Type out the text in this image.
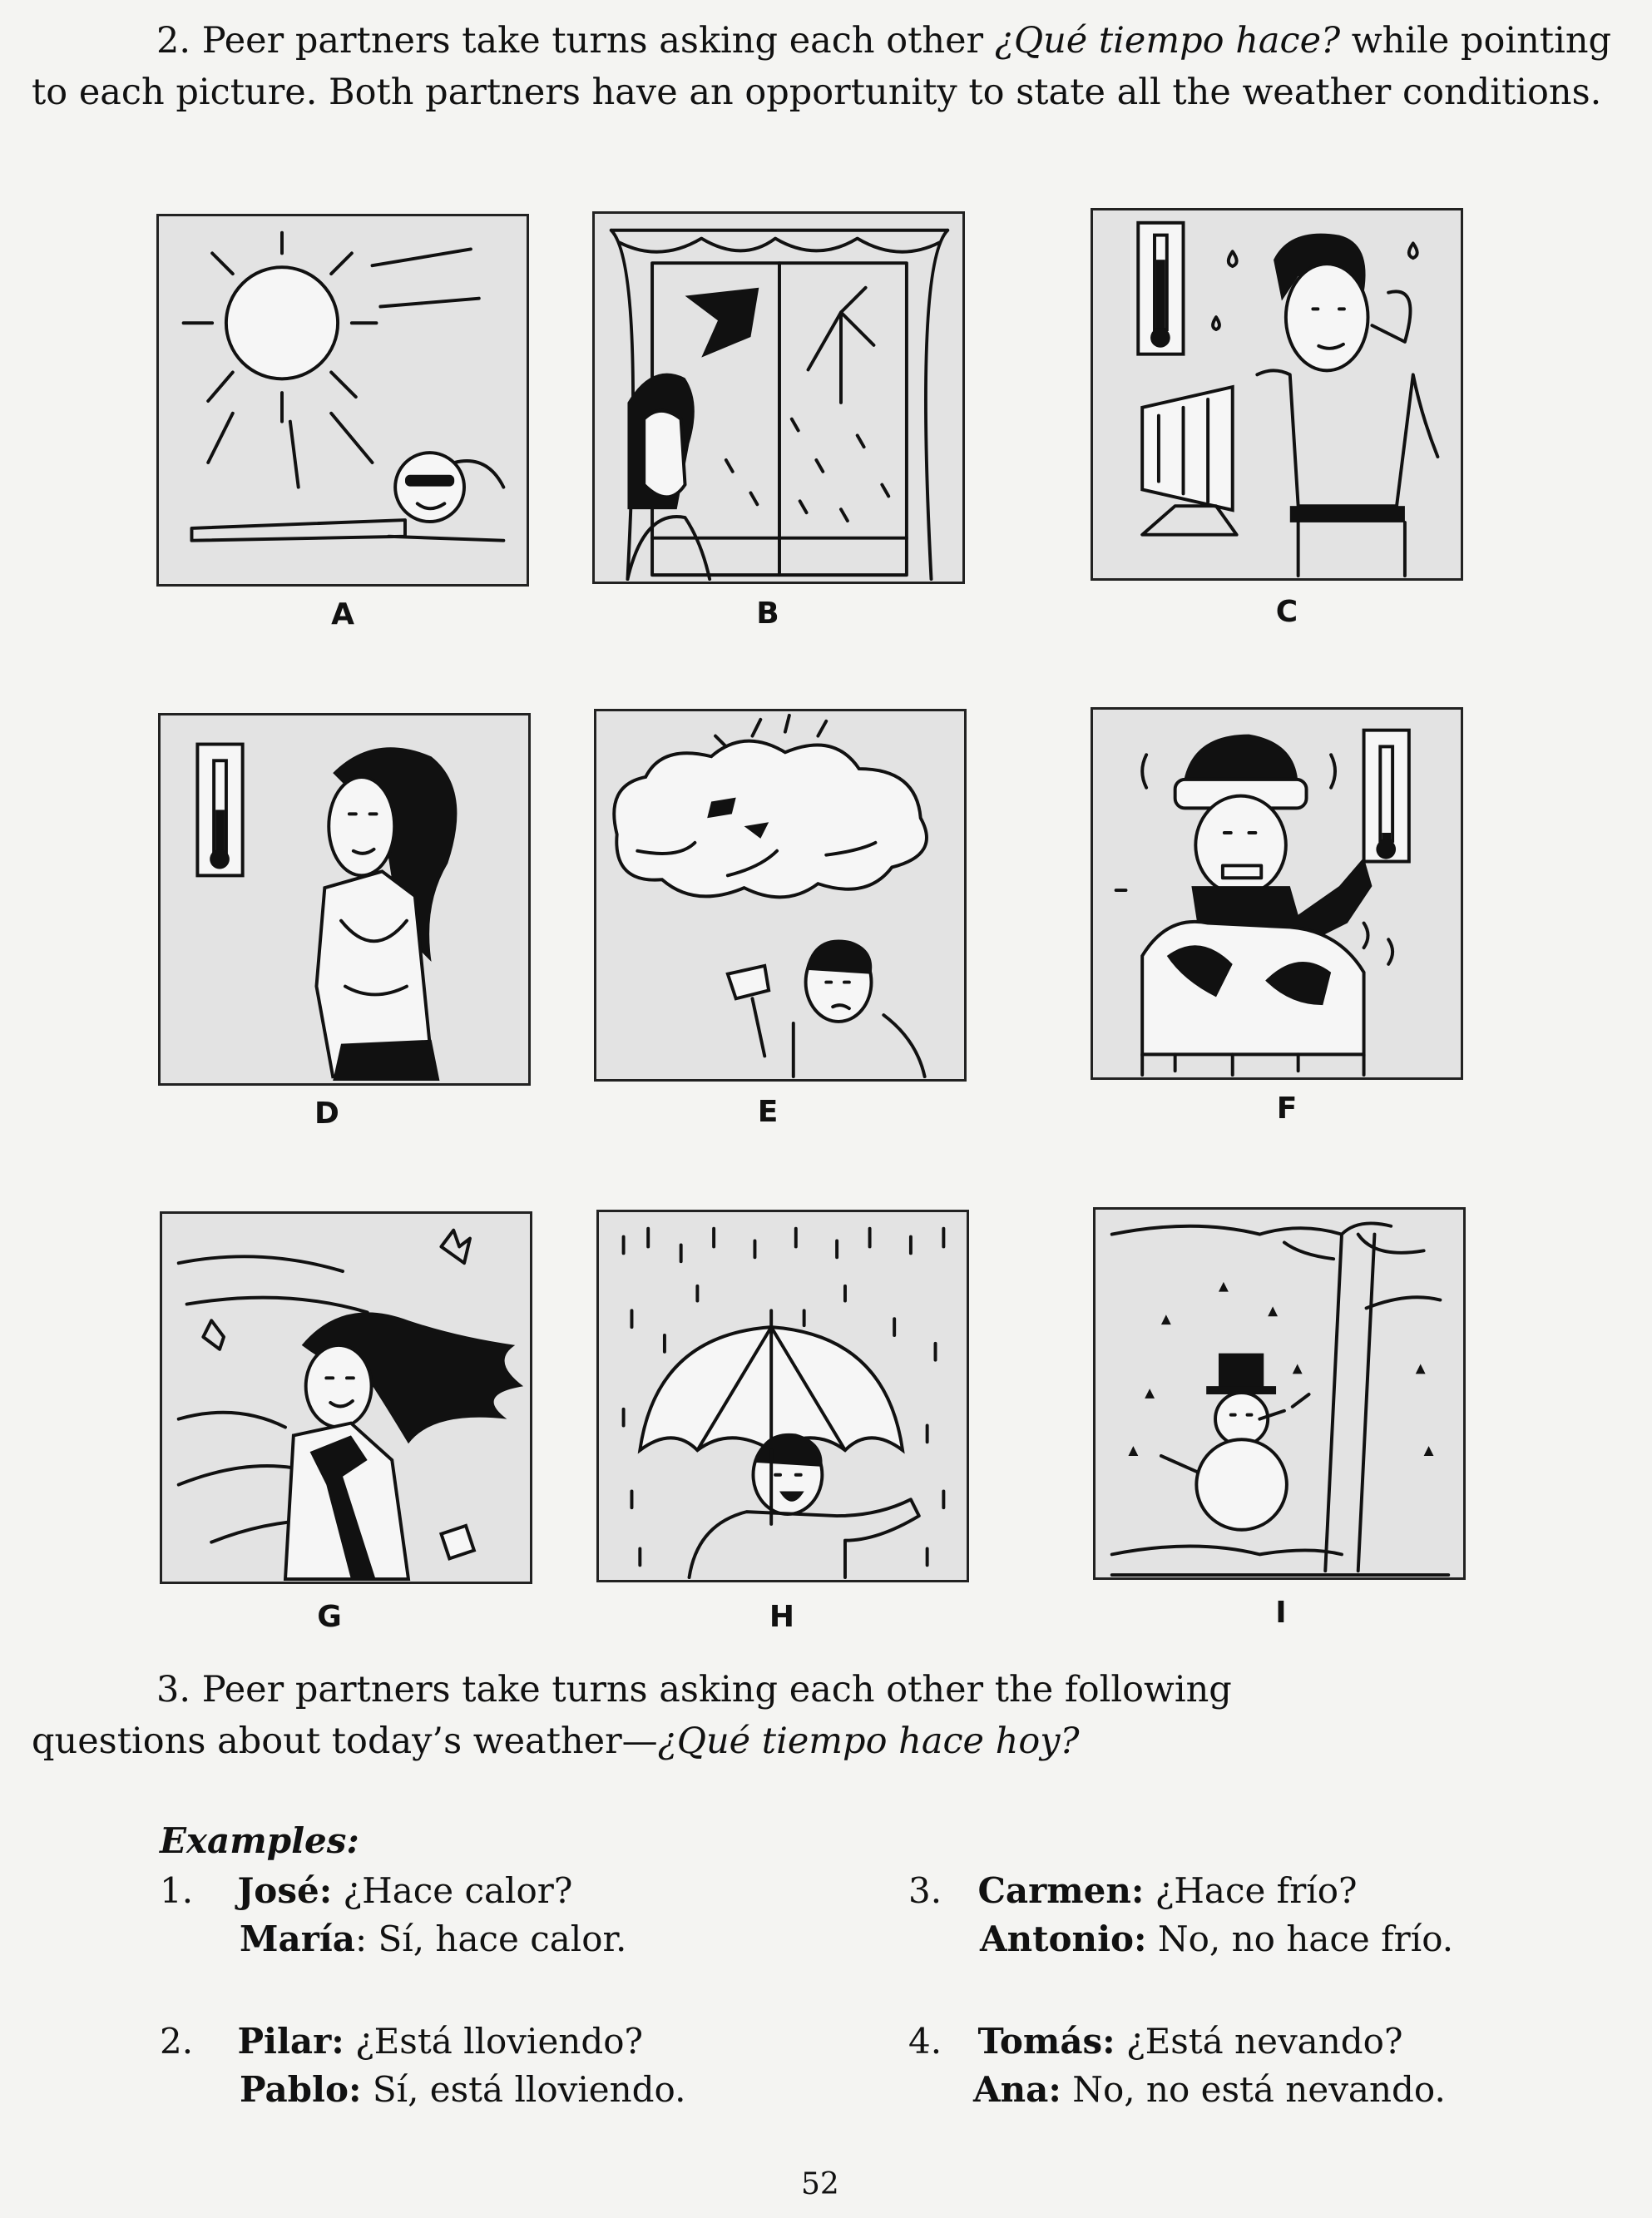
2. Peer partners take turns asking each other ¿Qué tiempo hace? while pointing to each picture. Both partners have an opportunity to state all the weather conditions.
A	B	C
D	E	F
G	H	I
3. Peer partners take turns asking each other the following questions about today’s weather—¿Qué tiempo hace hoy?
Examples:
1. José: ¿Hace calor?
María: Sí, hace calor.
2. Pilar: ¿Está lloviendo?
Pablo: Sí, está lloviendo.
3. Carmen: ¿Hace frío?
Antonio: No, no hace frío.
4. Tomás: ¿Está nevando?
Ana: No, no está nevando.
52
